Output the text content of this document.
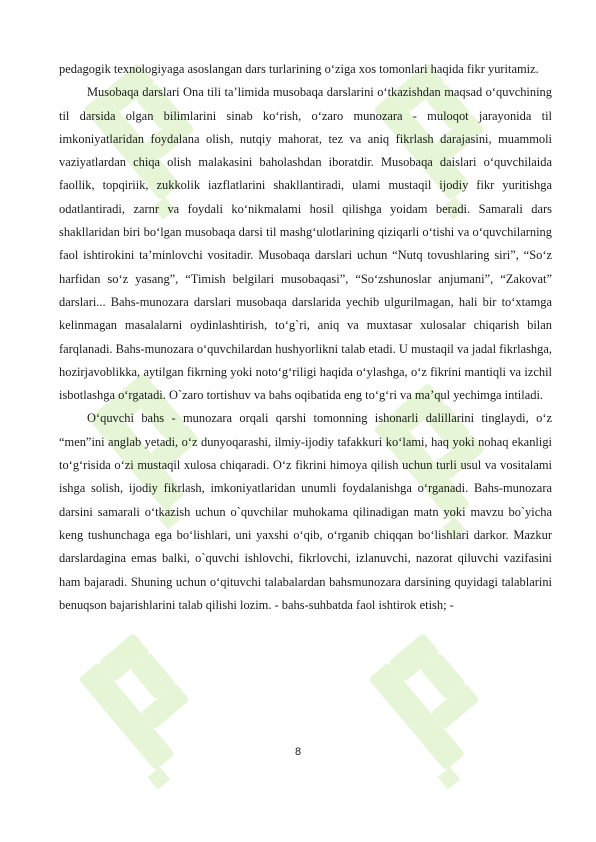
pedagogik texnologiyaga asoslangan dars turlarining o‘ziga xos tomonlari haqida fikr yuritamiz.

Musobaqa darslari Ona tili ta’limida musobaqa darslarini o‘tkazishdan maqsad o‘quvchining til darsida olgan bilimlarini sinab ko‘rish, o‘zaro munozara - muloqot jarayonida til imkoniyatlaridan foydalana olish, nutqiy mahorat, tez va aniq fikrlash darajasini, muammoli vaziyatlardan chiqa olish malakasini baholashdan iboratdir. Musobaqa daislari o‘quvchilaida faollik, topqiriik, zukkolik iazflatlarini shakllantiradi, ulami mustaqil ijodiy fikr yuritishga odatlantiradi, zarnr va foydali ko‘nikmalami hosil qilishga yoidam beradi. Samarali dars shakllaridan biri bo‘lgan musobaqa darsi til mashg‘ulotlarining qiziqarli o‘tishi va o‘quvchilarning faol ishtirokini ta’minlovchi vositadir. Musobaqa darslari uchun “Nutq tovushlaring siri”, “So‘z harfidan so‘z yasang”, “Timish belgilari musobaqasi”, “So‘zshunoslar anjumani”, “Zakovat” darslari... Bahs-munozara darslari musobaqa darslarida yechib ulgurilmagan, hali bir to‘xtamga kelinmagan masalalarni oydinlashtirish, to‘g`ri, aniq va muxtasar xulosalar chiqarish bilan farqlanadi. Bahs-munozara o‘quvchilardan hushyorlikni talab etadi. U mustaqil va jadal fikrlashga, hozirjavoblikka, aytilgan fikrning yoki noto‘g‘riligi haqida o‘ylashga, o‘z fikrini mantiqli va izchil isbotlashga o‘rgatadi. O`zaro tortishuv va bahs oqibatida eng to‘g‘ri va ma’qul yechimga intiladi.

O‘quvchi bahs - munozara orqali qarshi tomonning ishonarli dalillarini tinglaydi, o‘z “men”ini anglab yetadi, o‘z dunyoqarashi, ilmiy-ijodiy tafakkuri ko‘lami, haq yoki nohaq ekanligi to‘g‘risida o‘zi mustaqil xulosa chiqaradi. O‘z fikrini himoya qilish uchun turli usul va vositalami ishga solish, ijodiy fikrlash, imkoniyatlaridan unumli foydalanishga o‘rganadi. Bahs-munozara darsini samarali o‘tkazish uchun o`quvchilar muhokama qilinadigan matn yoki mavzu bo`yicha keng tushunchaga ega bo‘lishlari, uni yaxshi o‘qib, o‘rganib chiqqan bo‘lishlari darkor. Mazkur darslardagina emas balki, o`quvchi ishlovchi, fikrlovchi, izlanuvchi, nazorat qiluvchi vazifasini ham bajaradi. Shuning uchun o‘qituvchi talabalardan bahsmunozara darsining quyidagi talablarini benuqson bajarishlarini talab qilishi lozim. - bahs-suhbatda faol ishtirok etish; -

8
